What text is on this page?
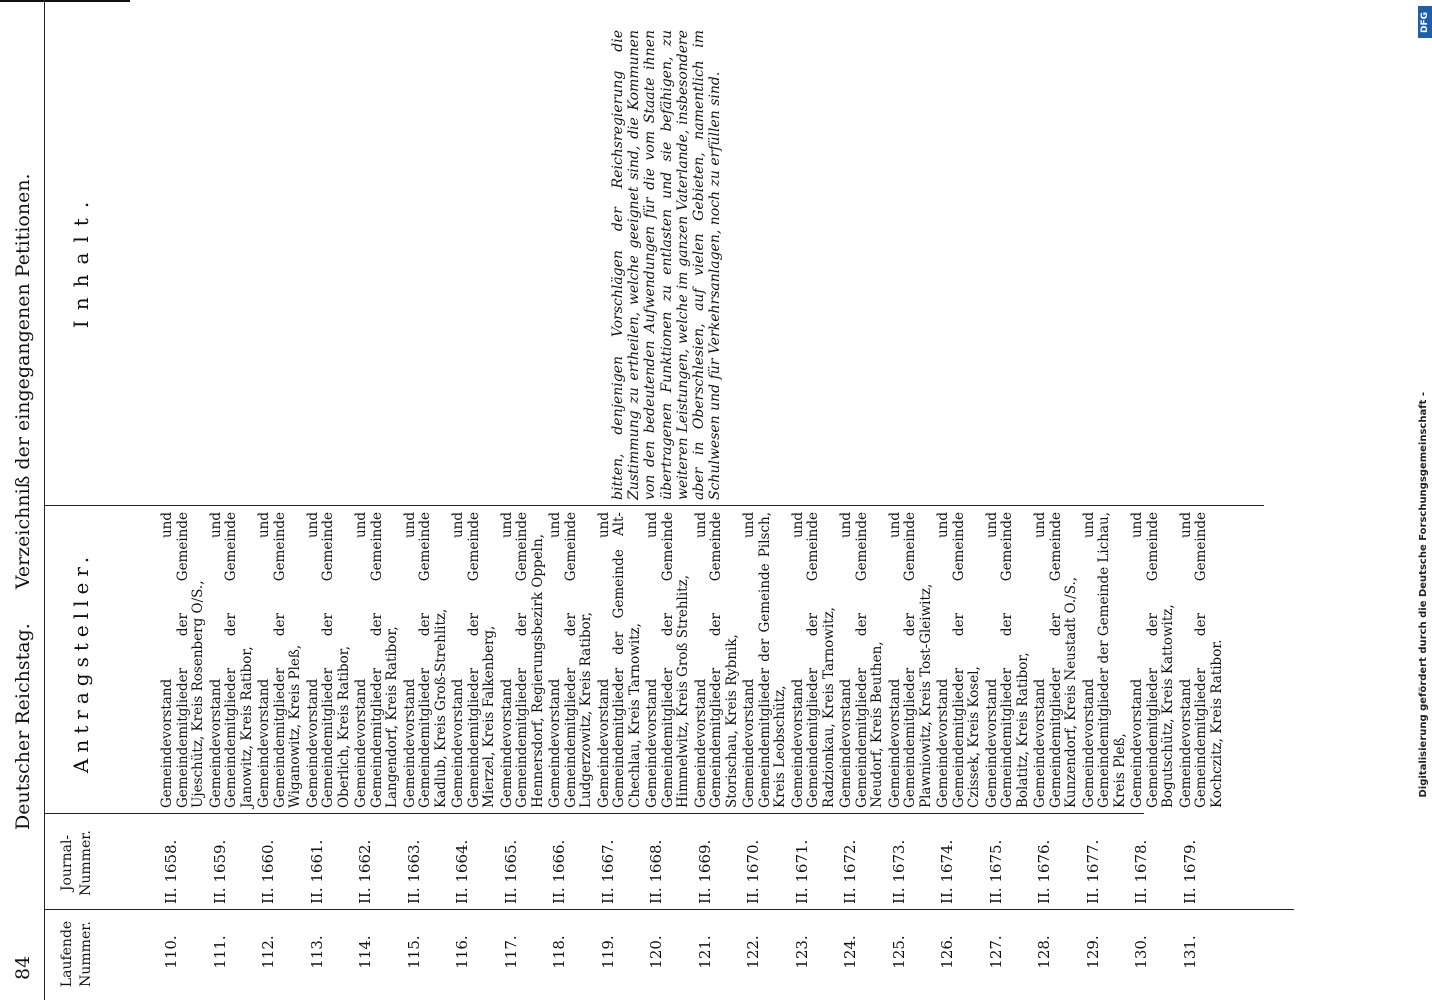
84
Deutscher Reichstag.  Verzeichniß der eingegangenen Petitionen.
Laufende Nummer.
Journal- Nummer.
Antragsteller.
Inhalt.
110.
II. 1658.
Gemeindevorstand und Gemeindemitglieder der Gemeinde Ujeschütz, Kreis Rosenberg O/S.,
111.
II. 1659.
Gemeindevorstand und Gemeindemitglieder der Gemeinde Janowitz, Kreis Ratibor,
112.
II. 1660.
Gemeindevorstand und Gemeindemitglieder der Gemeinde Wiganowitz, Kreis Pleß,
113.
II. 1661.
Gemeindevorstand und Gemeindemitglieder der Gemeinde Oberlich, Kreis Ratibor,
114.
II. 1662.
Gemeindevorstand und Gemeindemitglieder der Gemeinde Langendorf, Kreis Ratibor,
115.
II. 1663.
Gemeindevorstand und Gemeindemitglieder der Gemeinde Kadlub, Kreis Groß-Strehlitz,
116.
II. 1664.
Gemeindevorstand und Gemeindemitglieder der Gemeinde Mierzel, Kreis Falkenberg,
117.
II. 1665.
Gemeindevorstand und Gemeindemitglieder der Gemeinde Hennersdorf, Regierungsbezirk Oppeln,
118.
II. 1666.
Gemeindevorstand und Gemeindemitglieder der Gemeinde Ludgerzowitz, Kreis Ratibor,
119.
II. 1667.
Gemeindevorstand und Gemeindemitglieder der Gemeinde Alt-Chechlau, Kreis Tarnowitz,
120.
II. 1668.
Gemeindevorstand und Gemeindemitglieder der Gemeinde Himmelwitz, Kreis Groß Strehlitz,
121.
II. 1669.
Gemeindevorstand und Gemeindemitglieder der Gemeinde Storischau, Kreis Rybnik,
122.
II. 1670.
Gemeindevorstand und Gemeindemitglieder der Gemeinde Pilsch, Kreis Leobschütz,
123.
II. 1671.
Gemeindevorstand und Gemeindemitglieder der Gemeinde Radzionkau, Kreis Tarnowitz,
124.
II. 1672.
Gemeindevorstand und Gemeindemitglieder der Gemeinde Neudorf, Kreis Beuthen,
125.
II. 1673.
Gemeindevorstand und Gemeindemitglieder der Gemeinde Plawniowitz, Kreis Tost-Gleiwitz,
126.
II. 1674.
Gemeindevorstand und Gemeindemitglieder der Gemeinde Czissek, Kreis Kosel,
127.
II. 1675.
Gemeindevorstand und Gemeindemitglieder der Gemeinde Bolatitz, Kreis Ratibor,
128.
II. 1676.
Gemeindevorstand und Gemeindemitglieder der Gemeinde Kunzendorf, Kreis Neustadt O./S.,
129.
II. 1677.
Gemeindevorstand und Gemeindemitglieder der Gemeinde Lichau, Kreis Pleß,
130.
II. 1678.
Gemeindevorstand und Gemeindemitglieder der Gemeinde Bogutschütz, Kreis Kattowitz,
131.
II. 1679.
Gemeindevorstand und Gemeindemitglieder der Gemeinde Kochczitz, Kreis Ratibor.
bitten, denjenigen Vorschlägen der Reichsregierung die Zustimmung zu ertheilen, welche geeignet sind, die Kommunen von den bedeutenden Aufwendungen für die vom Staate ihnen übertragenen Funktionen zu entlasten und sie befähigen, zu weiteren Leistungen, welche im ganzen Vaterlande, insbesondere aber in Oberschlesien, auf vielen Gebieten, namentlich im Schulwesen und für Verkehrsanlagen, noch zu erfüllen sind.
DFG
Digitalisierung gefördert durch die Deutsche Forschungsgemeinschaft -
